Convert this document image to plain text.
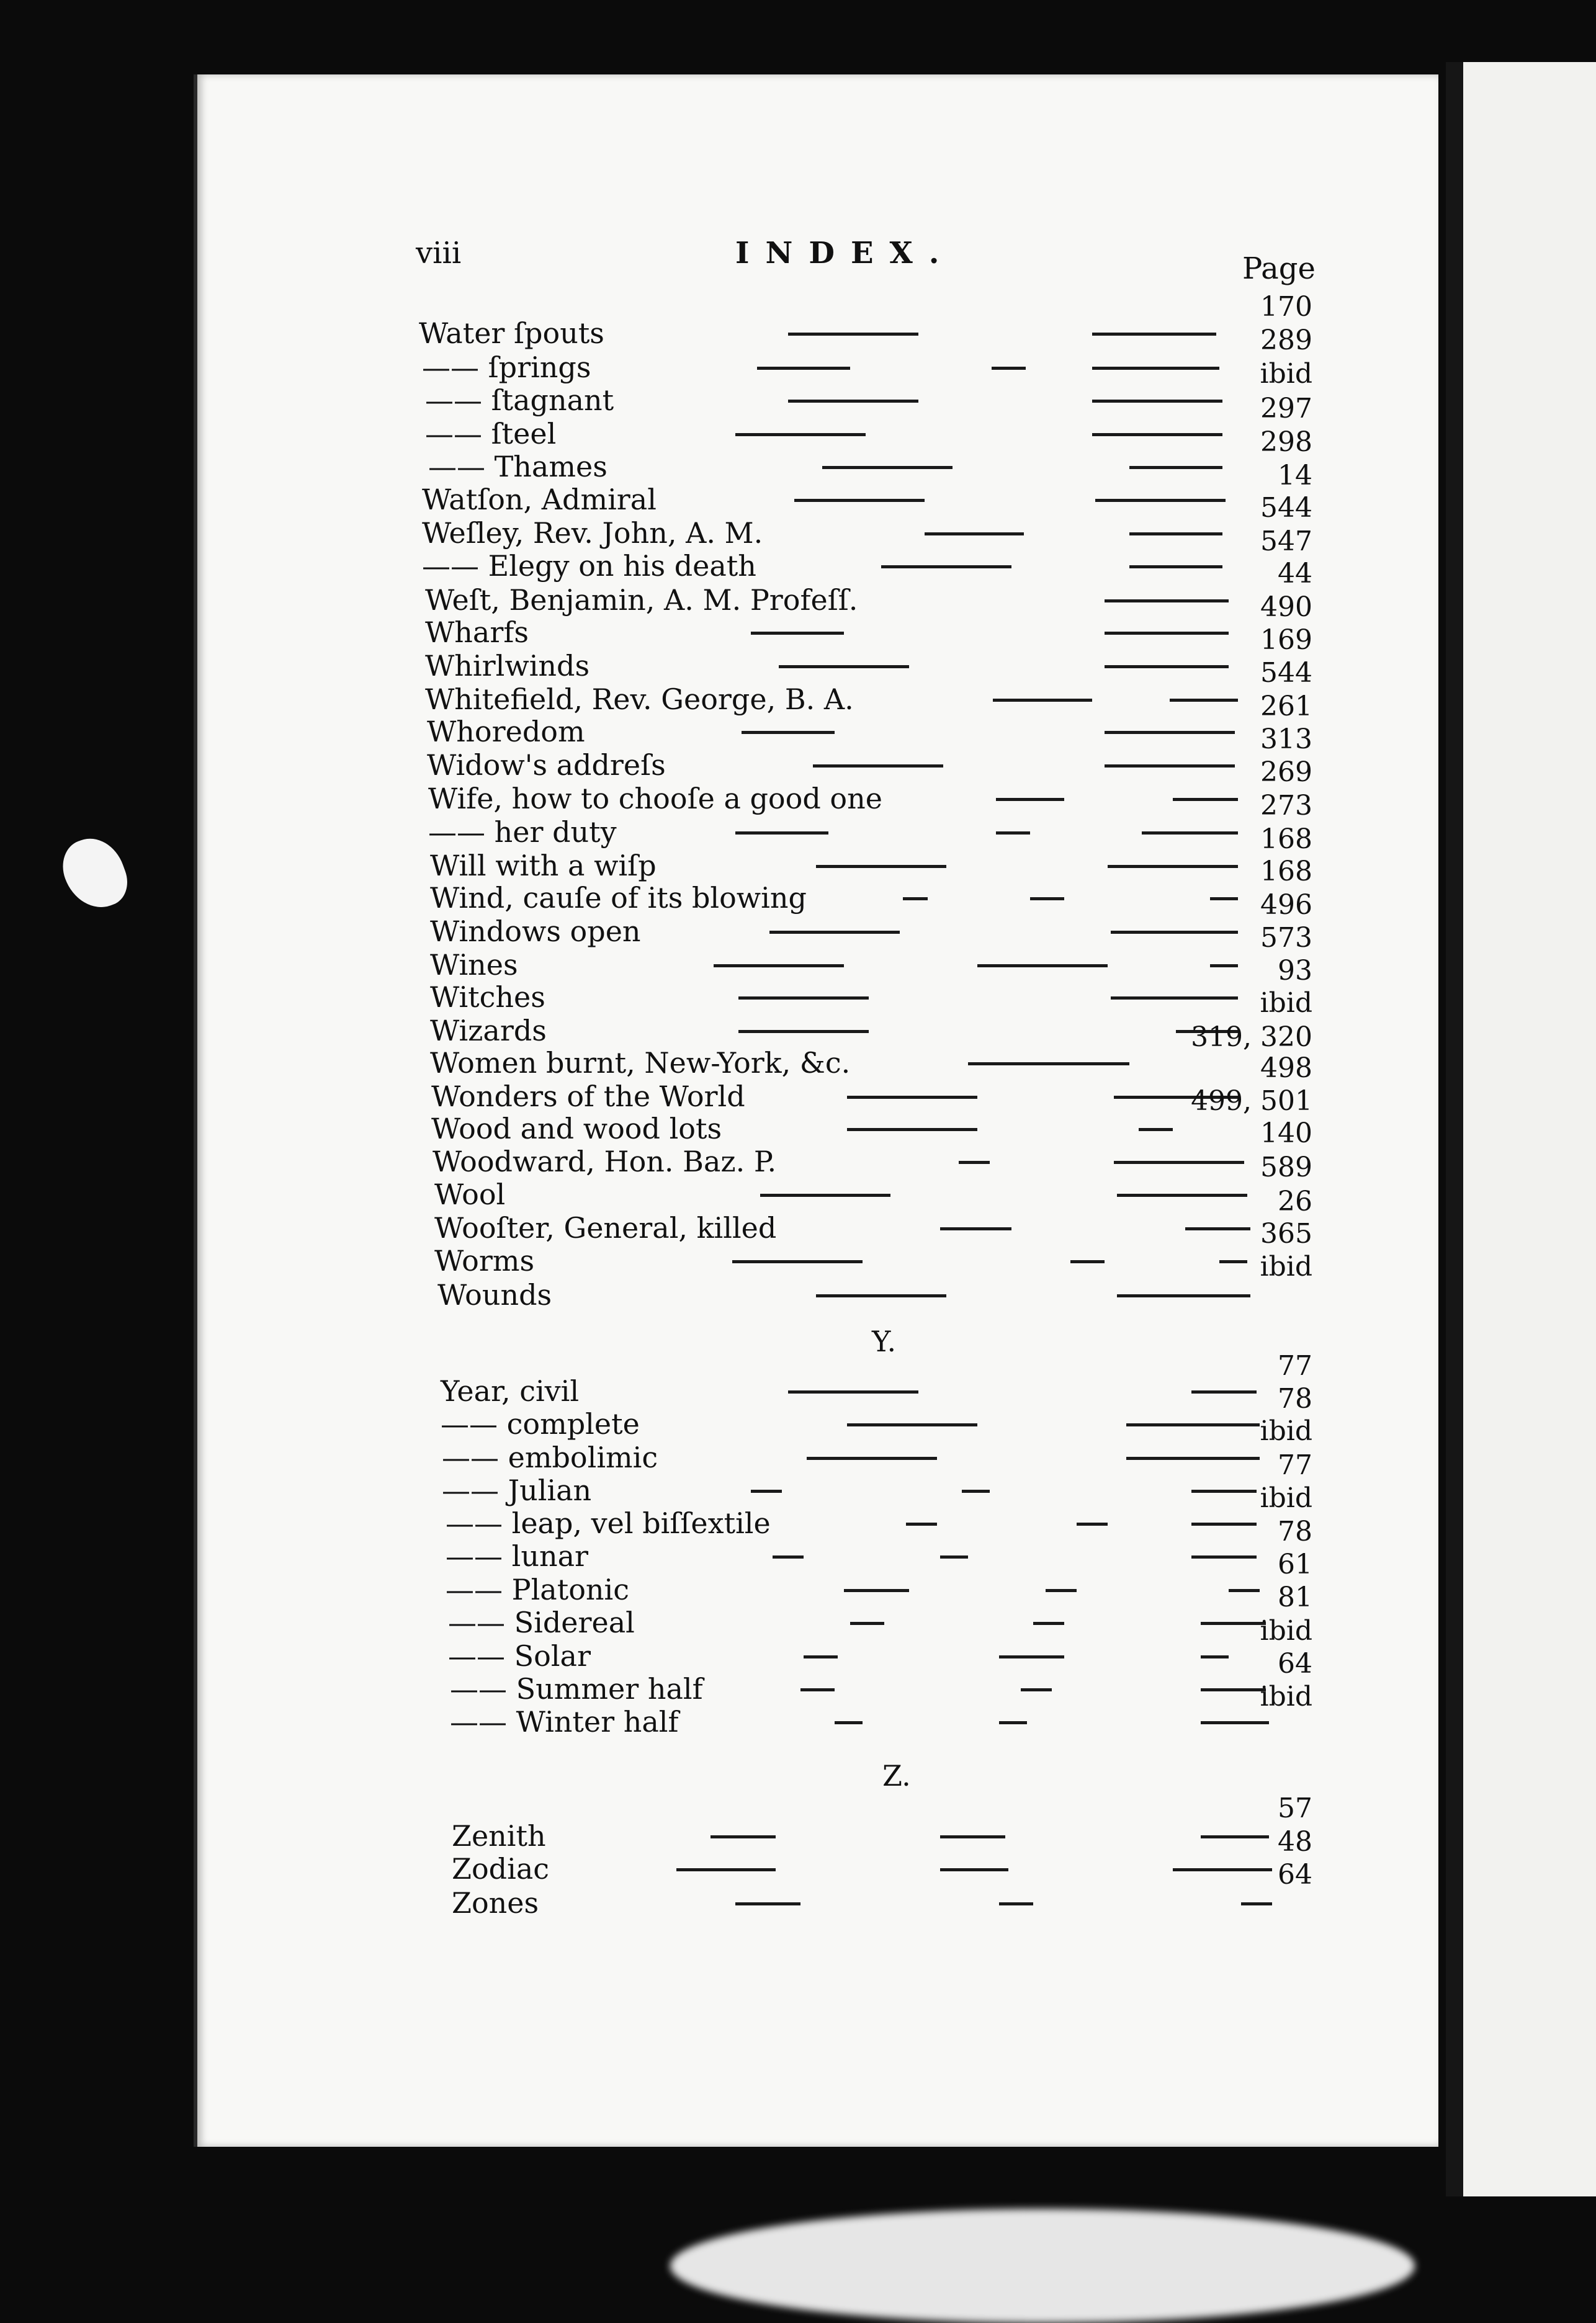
viii	INDEX.	Page
Y.
Z.
Water ſpouts
170
—— ſprings
289
—— ſtagnant
ibid
—— ſteel
297
—— Thames
298
Watſon, Admiral
14
Weſley, Rev. John, A. M.
544
—— Elegy on his death
547
Weſt, Benjamin, A. M. Profeſſ.
44
Wharfs
490
Whirlwinds
169
Whitefield, Rev. George, B. A.
544
Whoredom
261
Widow's addreſs
313
Wife, how to chooſe a good one
269
—— her duty
273
Will with a wiſp
168
Wind, cauſe of its blowing
168
Windows open
496
Wines
573
Witches
93
Wizards
ibid
Women burnt, New-York, &c.
319, 320
Wonders of the World
498
Wood and wood lots
499, 501
Woodward, Hon. Baz. P.
140
Wool
589
Wooſter, General, killed
26
Worms
365
Wounds
ibid
Year, civil
77
—— complete
78
—— embolimic
ibid
—— Julian
77
—— leap, vel biſſextile
ibid
—— lunar
78
—— Platonic
61
—— Sidereal
81
—— Solar
ibid
—— Summer half
64
—— Winter half
ibid
Zenith
57
Zodiac
48
Zones
64
